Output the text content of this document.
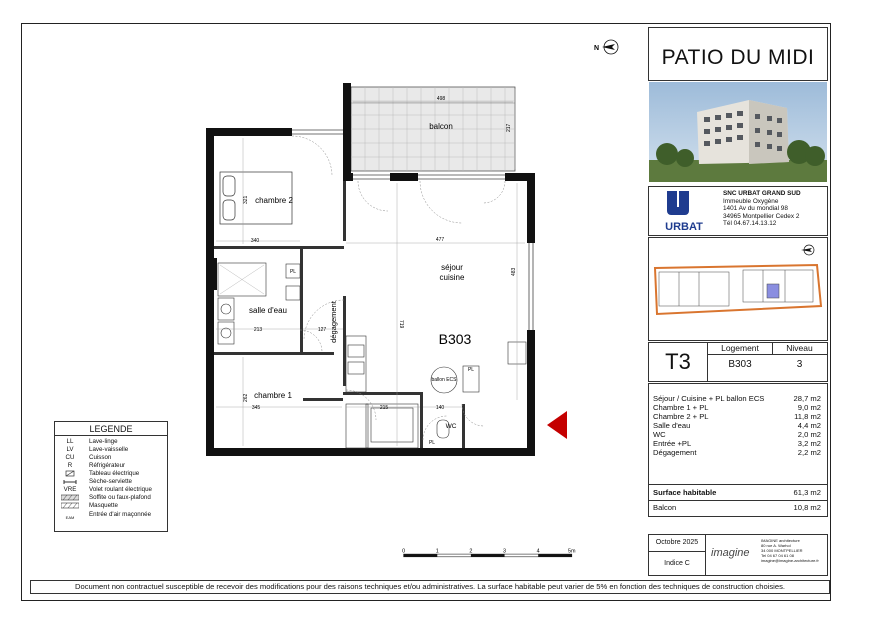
balcon
498
217
chambre 2
321
340
séjour
cuisine
477
483
719
B303
salle d'eau
213	dégagement
127
chambre 1
262
345	215	140
WC
ballon ECS
PL
PL
PL
N	PATIO DU MIDI
URBAT
SNC URBAT GRAND SUD
Immeuble Oxygène
1401 Av du mondial 98
34965 Montpellier Cedex 2
Tél 04.67.14.13.12
T3
Logement	Niveau
B303	3
Séjour / Cuisine + PL ballon ECS	28,7 m2
Chambre 1 + PL	9,0 m2
Chambre 2 + PL	11,8 m2
Salle d'eau	4,4 m2
WC	2,0 m2
Entrée +PL	3,2 m2
Dégagement	2,2 m2
Surface habitable	61,3 m2
Balcon	10,8 m2
Octobre 2025
Indice C
imagine
IMAGINE architecture
80 rue A. Warhol
34 000 MONTPELLIER
Tel 04 67 04 61 08
imagine@imagine-architecture.fr
Document non contractuel susceptible de recevoir des modifications pour des raisons techniques et/ou administratives. La surface habitable peut varier de 5% en fonction des techniques de construction choisies.
LEGENDE
LL	Lave-linge
LV	Lave-vaisselle
CU	Cuisson
R	Réfrigérateur
Tableau électrique
Sèche-serviette
VRE	Volet roulant électrique
Soffite ou faux-plafond
Masquette
EAM	Entrée d'air maçonnée
0	1	2	3	4	5m
